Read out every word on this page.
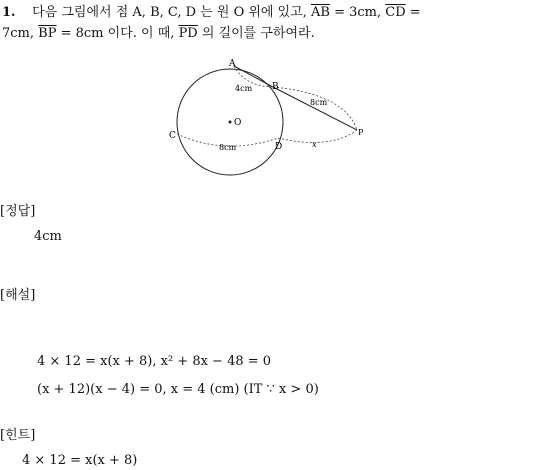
1. 다음 그림에서 점 A, B, C, D 는 원 O 위에 있고, $\overline{AB} = 3cm$, $\overline{CD}$ =
7cm, $\overline{BP} = 8cm$ 이다. 이 때, $\overline{PD}$ 의 길이를 구하여라.
A
B
C
D
O
P
4cm
8cm
8cm	x
[정답]
4cm
[해설]
4 × 12 = x(x + 8), x² + 8x − 48 = 0
(x + 12)(x − 4) = 0, x = 4 (cm) (IT ∵ x > 0)
[힌트]
4 × 12 = x(x + 8)
